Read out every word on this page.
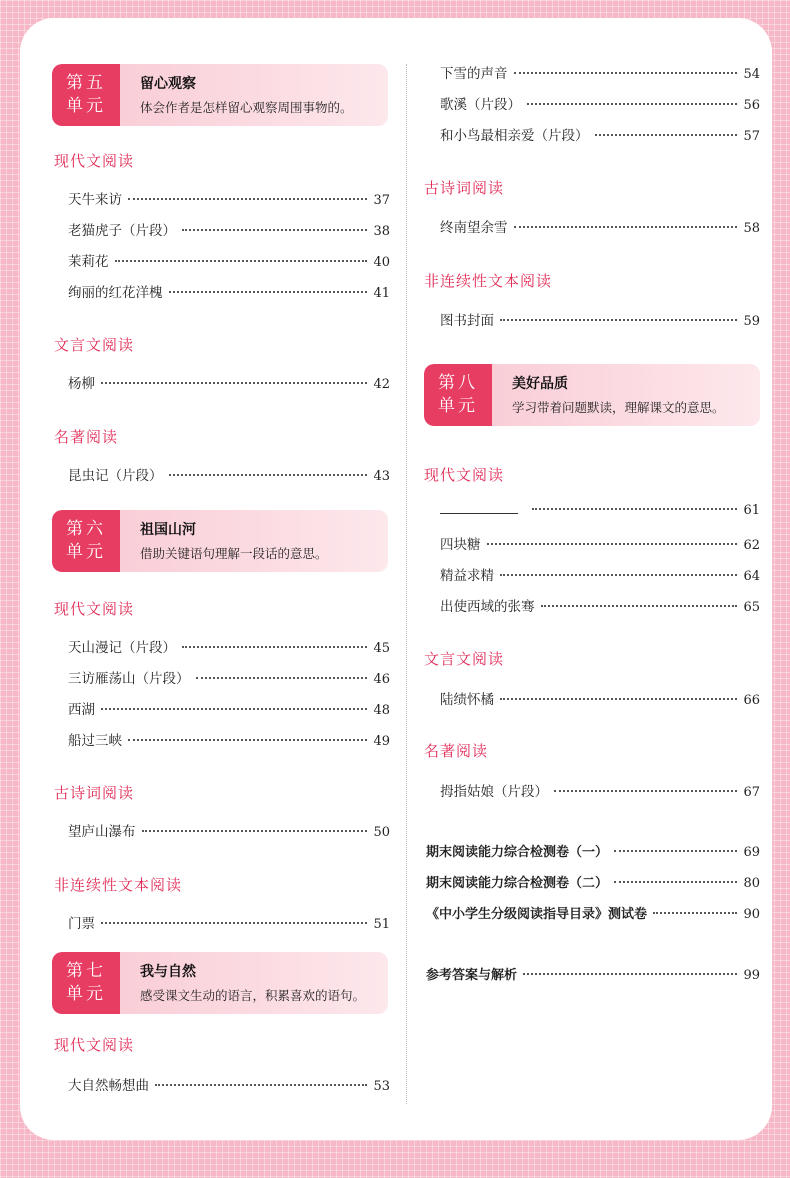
第五
单元
留心观察
体会作者是怎样留心观察周围事物的。
现代文阅读
天牛来访	37
老猫虎子（片段）	38
茉莉花	40
绚丽的红花洋槐	41
文言文阅读
杨柳	42
名著阅读
昆虫记（片段）	43
第六
单元
祖国山河
借助关键语句理解一段话的意思。
现代文阅读
天山漫记（片段）	45
三访雁荡山（片段）	46
西湖	48
船过三峡	49
古诗词阅读
望庐山瀑布	50
非连续性文本阅读
门票	51
第七
单元
我与自然
感受课文生动的语言，积累喜欢的语句。
现代文阅读
大自然畅想曲	53
下雪的声音	54
歌溪（片段）	56
和小鸟最相亲爱（片段）	57
古诗词阅读
终南望余雪	58
非连续性文本阅读
图书封面	59
第八
单元
美好品质
学习带着问题默读，理解课文的意思。
现代文阅读
61
四块糖	62
精益求精	64
出使西域的张骞	65
文言文阅读
陆绩怀橘	66
名著阅读
拇指姑娘（片段）	67
期末阅读能力综合检测卷（一）	69
期末阅读能力综合检测卷（二）	80
《中小学生分级阅读指导目录》测试卷	90
参考答案与解析	99
